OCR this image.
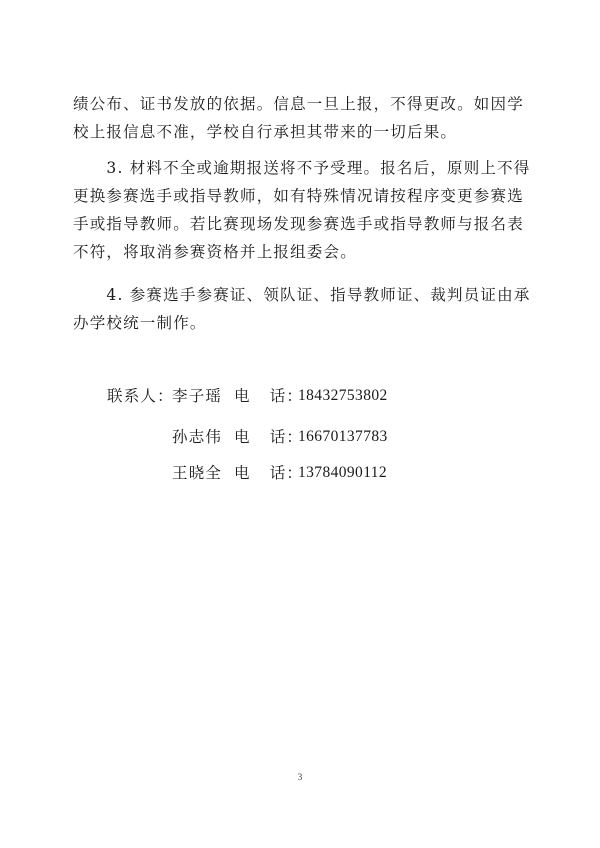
绩公布、证书发放的依据。信息一旦上报，不得更改。如因学
校上报信息不准，学校自行承担其带来的一切后果。

　　3. 材料不全或逾期报送将不予受理。报名后，原则上不得
更换参赛选手或指导教师，如有特殊情况请按程序变更参赛选
手或指导教师。若比赛现场发现参赛选手或指导教师与报名表
不符，将取消参赛资格并上报组委会。

　　4. 参赛选手参赛证、领队证、指导教师证、裁判员证由承
办学校统一制作。

联系人：
李子瑶 电 话：
18432753802
孙志伟 电 话：
16670137783
王晓全 电 话：
13784090112
3
